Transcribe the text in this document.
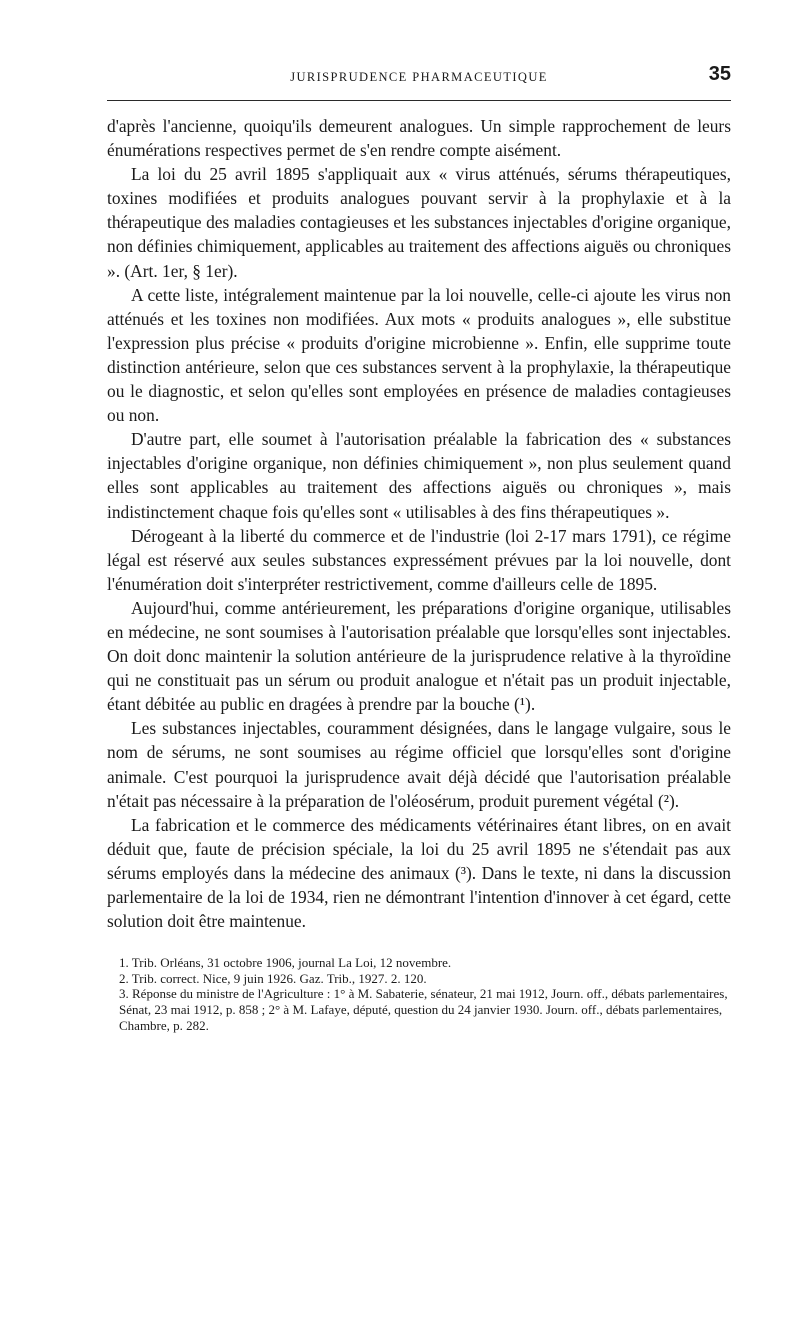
JURISPRUDENCE PHARMACEUTIQUE	35

d'après l'ancienne, quoiqu'ils demeurent analogues. Un simple rapprochement de leurs énumérations respectives permet de s'en rendre compte aisément.

La loi du 25 avril 1895 s'appliquait aux « virus atténués, sérums thérapeutiques, toxines modifiées et produits analogues pouvant servir à la prophylaxie et à la thérapeutique des maladies contagieuses et les substances injectables d'origine organique, non définies chimiquement, applicables au traitement des affections aiguës ou chroniques ». (Art. 1er, § 1er).

A cette liste, intégralement maintenue par la loi nouvelle, celle-ci ajoute les virus non atténués et les toxines non modifiées. Aux mots « produits analogues », elle substitue l'expression plus précise « produits d'origine microbienne ». Enfin, elle supprime toute distinction antérieure, selon que ces substances servent à la prophylaxie, la thérapeutique ou le diagnostic, et selon qu'elles sont employées en présence de maladies contagieuses ou non.

D'autre part, elle soumet à l'autorisation préalable la fabrication des « substances injectables d'origine organique, non définies chimiquement », non plus seulement quand elles sont applicables au traitement des affections aiguës ou chroniques », mais indistinctement chaque fois qu'elles sont « utilisables à des fins thérapeutiques ».

Dérogeant à la liberté du commerce et de l'industrie (loi 2-17 mars 1791), ce régime légal est réservé aux seules substances expressément prévues par la loi nouvelle, dont l'énumération doit s'interpréter restrictivement, comme d'ailleurs celle de 1895.

Aujourd'hui, comme antérieurement, les préparations d'origine organique, utilisables en médecine, ne sont soumises à l'autorisation préalable que lorsqu'elles sont injectables. On doit donc maintenir la solution antérieure de la jurisprudence relative à la thyroïdine qui ne constituait pas un sérum ou produit analogue et n'était pas un produit injectable, étant débitée au public en dragées à prendre par la bouche (¹).

Les substances injectables, couramment désignées, dans le langage vulgaire, sous le nom de sérums, ne sont soumises au régime officiel que lorsqu'elles sont d'origine animale. C'est pourquoi la jurisprudence avait déjà décidé que l'autorisation préalable n'était pas nécessaire à la préparation de l'oléosérum, produit purement végétal (²).

La fabrication et le commerce des médicaments vétérinaires étant libres, on en avait déduit que, faute de précision spéciale, la loi du 25 avril 1895 ne s'étendait pas aux sérums employés dans la médecine des animaux (³). Dans le texte, ni dans la discussion parlementaire de la loi de 1934, rien ne démontrant l'intention d'innover à cet égard, cette solution doit être maintenue.

1. Trib. Orléans, 31 octobre 1906, journal La Loi, 12 novembre.

2. Trib. correct. Nice, 9 juin 1926. Gaz. Trib., 1927. 2. 120.

3. Réponse du ministre de l'Agriculture : 1° à M. Sabaterie, sénateur, 21 mai 1912, Journ. off., débats parlementaires, Sénat, 23 mai 1912, p. 858 ; 2° à M. Lafaye, député, question du 24 janvier 1930. Journ. off., débats parlementaires, Chambre, p. 282.
